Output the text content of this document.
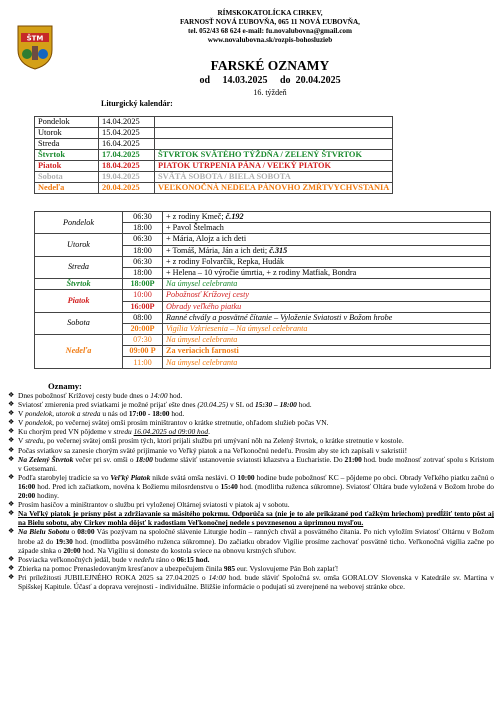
ŠTM
RÍMSKOKATOLÍCKA CIRKEV,
FARNOSŤ NOVÁ ĽUBOVŇA, 065 11 NOVÁ ĽUBOVŇA,
tel. 052/43 68 624 e-mail: fu.novalubovna@gmail.com
www.novalubovna.sk/rozpis-bohosluzieb
FARSKÉ OZNAMY
od 14.03.2025 do 20.04.2025
16. týždeň
Liturgický kalendár:
Pondelok	14.04.2025	
Utorok	15.04.2025	
Streda	16.04.2025	
Štvrtok	17.04.2025	ŠTVRTOK SVÄTÉHO TÝŽDŇA / ZELENÝ ŠTVRTOK
Piatok	18.04.2025	PIATOK UTRPENIA PÁNA / VEĽKÝ PIATOK
Sobota	19.04.2025	SVÄTÁ SOBOTA / BIELA SOBOTA
Nedeľa	20.04.2025	VEĽKONOČNÁ NEDEĽA PÁNOVHO ZMŔTVYCHVSTANIA
Pondelok	06:30	+ z rodiny Kmeč; č.192
	18:00	+ Pavol Štelmach
Utorok	06:30	+ Mária, Alojz a ich deti
	18:00	+ Tomáš, Mária, Ján a ich deti; č.315
Streda	06:30	+ z rodiny Folvarčík, Repka, Hudák
	18:00	+ Helena – 10 výročie úmrtia, + z rodiny Matfiak, Bondra
Štvrtok	18:00P	Na úmysel celebranta
Piatok	10:00	Pobožnosť Krížovej cesty
	16:00P	Obrady veľkého piatku
Sobota	08:00	Ranné chvály a posvätné čítanie – Vyloženie Sviatosti v Božom hrobe
	20:00P	Vigília Vzkriesenia – Na úmysel celebranta
Nedeľa	07:30	Na úmysel celebranta
	09:00 P	Za veriacich farnosti
	11:00	Na úmysel celebranta
Oznamy:
❖ Dnes pobožnosť Krížovej cesty bude dnes o 14:00 hod.
❖ Sviatosť zmierenia pred sviatkami je možné prijať ešte dnes (20.04.25) v SL od 15:30 – 18:00 hod.
❖ V pondelok, utorok a streda u nás od 17:00 - 18:00 hod.
❖ V pondelok, po večernej svätej omši prosím miništrantov o krátke stretnutie, ohľadom služieb počas VN.
❖ Ku chorým pred VN pôjdeme v stredu 16.04.2025 od 09:00 hod.
❖ V stredu, po večernej svätej omši prosím tých, ktorí prijali službu pri umývaní nôh na Zelený štvrtok, o krátke stretnutie v kostole.
❖ Počas sviatkov sa zanesie chorým sväté prijímanie vo Veľký piatok a na Veľkonočnú nedeľu. Prosím aby ste ich zapísali v sakristii!
❖ Na Zelený Štvrtok večer pri sv. omši o 18:00 budeme sláviť ustanovenie sviatosti kňazstva a Eucharistie. Do 21:00 hod. bude možnosť zotrvať spolu s Kristom v Getsemani.
❖ Podľa starobylej tradície sa vo Veľký Piatok nikde svätá omša neslávi. O 10:00 hodine bude pobožnosť KC – pôjdeme po obci. Obrady Veľkého piatku začnú o 16:00 hod. Pred ich začiatkom, novéna k Božiemu milosrdenstvu o 15:40 hod. (modlitba ruženca súkromne). Sviatosť Oltára bude vyložená v Božom hrobe do 20:00 hodiny.
❖ Prosím hasičov a miništrantov o službu pri vyloženej Oltárnej sviatosti v piatok aj v sobotu.
❖ Na Veľký piatok je prísny pôst a zdržiavanie sa mäsitého pokrmu. Odporúča sa (nie je to ale prikázané pod ťažkým hriechom) predĺžiť tento pôst aj na Bielu sobotu, aby Cirkev mohla dôjsť k radostiam Veľkonočnej nedele s povznesenou a úprimnou mysľou.
❖ Na Bielu Sobotu o 08:00 Vás pozývam na spoločné slávenie Liturgie hodín – ranných chvál a posvätného čítania. Po nich vyložím Sviatosť Oltárnu v Božom hrobe až do 19:30 hod. (modlitba posvätného ruženca súkromne). Do začiatku obradov Vigílie prosíme zachovať posvätné ticho. Veľkonočná vigília začne po západe slnka o 20:00 hod. Na Vigíliu si doneste do kostola sviece na obnovu krstných sľubov.
❖ Posviacka veľkonočných jedál, bude v nedeľu ráno o 06:15 hod.
❖ Zbierka na pomoc Prenasledovaným kresťanov a ubezpečujem činila 985 eur. Vyslovujeme Pán Boh zaplať!
❖ Pri príležitosti JUBILEJNÉHO ROKA 2025 sa 27.04.2025 o 14:00 hod. bude sláviť Spoločná sv. omša GORALOV Slovenska v Katedrále sv. Martina v Spišskej Kapitule. Účasť a doprava verejnosti - individuálne. Bližšie informácie o podujatí sú zverejnené na webovej stránke obce.
